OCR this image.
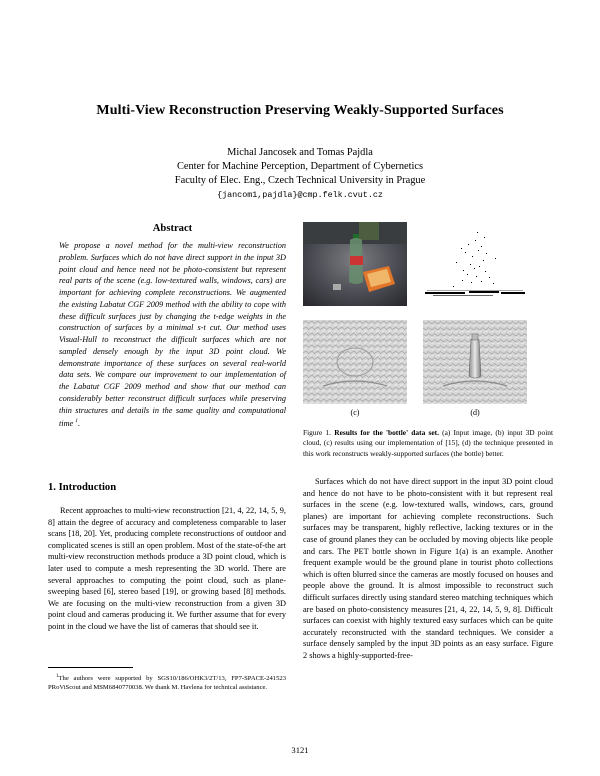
Multi-View Reconstruction Preserving Weakly-Supported Surfaces
Michal Jancosek and Tomas Pajdla
Center for Machine Perception, Department of Cybernetics
Faculty of Elec. Eng., Czech Technical University in Prague
{jancom1,pajdla}@cmp.felk.cvut.cz
Abstract

We propose a novel method for the multi-view reconstruction problem. Surfaces which do not have direct support in the input 3D point cloud and hence need not be photo-consistent but represent real parts of the scene (e.g. low-textured walls, windows, cars) are important for achieving complete reconstructions. We augmented the existing Labatut CGF 2009 method with the ability to cope with these difficult surfaces just by changing the t-edge weights in the construction of surfaces by a minimal s-t cut. Our method uses Visual-Hull to reconstruct the difficult surfaces which are not sampled densely enough by the input 3D point cloud. We demonstrate importance of these surfaces on several real-world data sets. We compare our improvement to our implementation of the Labatut CGF 2009 method and show that our method can considerably better reconstruct difficult surfaces while preserving thin structures and details in the same quality and computational time $^1$.

1. Introduction

Recent approaches to multi-view reconstruction [21, 4, 22, 14, 5, 9, 8] attain the degree of accuracy and completeness comparable to laser scans [18, 20]. Yet, producing complete reconstructions of outdoor and complicated scenes is still an open problem. Most of the state-of-the art multi-view reconstruction methods produce a 3D point cloud, which is later used to compute a mesh representing the 3D world. There are several approaches to computing the point cloud, such as plane-sweeping based [6], stereo based [19], or growing based [8] methods. We are focusing on the multi-view reconstruction from a given 3D point cloud and cameras producing it. We further assume that for every point in the cloud we have the list of cameras that should see it.

$^1$The authors were supported by SGS10/186/OHK3/2T/13, FP7-SPACE-241523 PRoViScout and MSM6840770038. We thank M. Havlena for technical assistance.

(c)	(d)

Figure 1. Results for the 'bottle' data set. (a) Input image, (b) input 3D point cloud, (c) results using our implementation of [15], (d) the technique presented in this work reconstructs weakly-supported surfaces (the bottle) better.

Surfaces which do not have direct support in the input 3D point cloud and hence do not have to be photo-consistent with it but represent real surfaces in the scene (e.g. low-textured walls, windows, cars, ground planes) are important for achieving complete reconstructions. Such surfaces may be transparent, highly reflective, lacking textures or in the case of ground planes they can be occluded by moving objects like people and cars. The PET bottle shown in Figure 1(a) is an example. Another frequent example would be the ground plane in tourist photo collections which is often blurred since the cameras are mostly focused on houses and people above the ground. It is almost impossible to reconstruct such difficult surfaces directly using standard stereo matching techniques which are based on photo-consistency measures [21, 4, 22, 14, 5, 9, 8]. Difficult surfaces can coexist with highly textured easy surfaces which can be quite accurately reconstructed with the standard techniques. We consider a surface densely sampled by the input 3D points as an easy surface. Figure 2 shows a highly-supported-free-

3121
